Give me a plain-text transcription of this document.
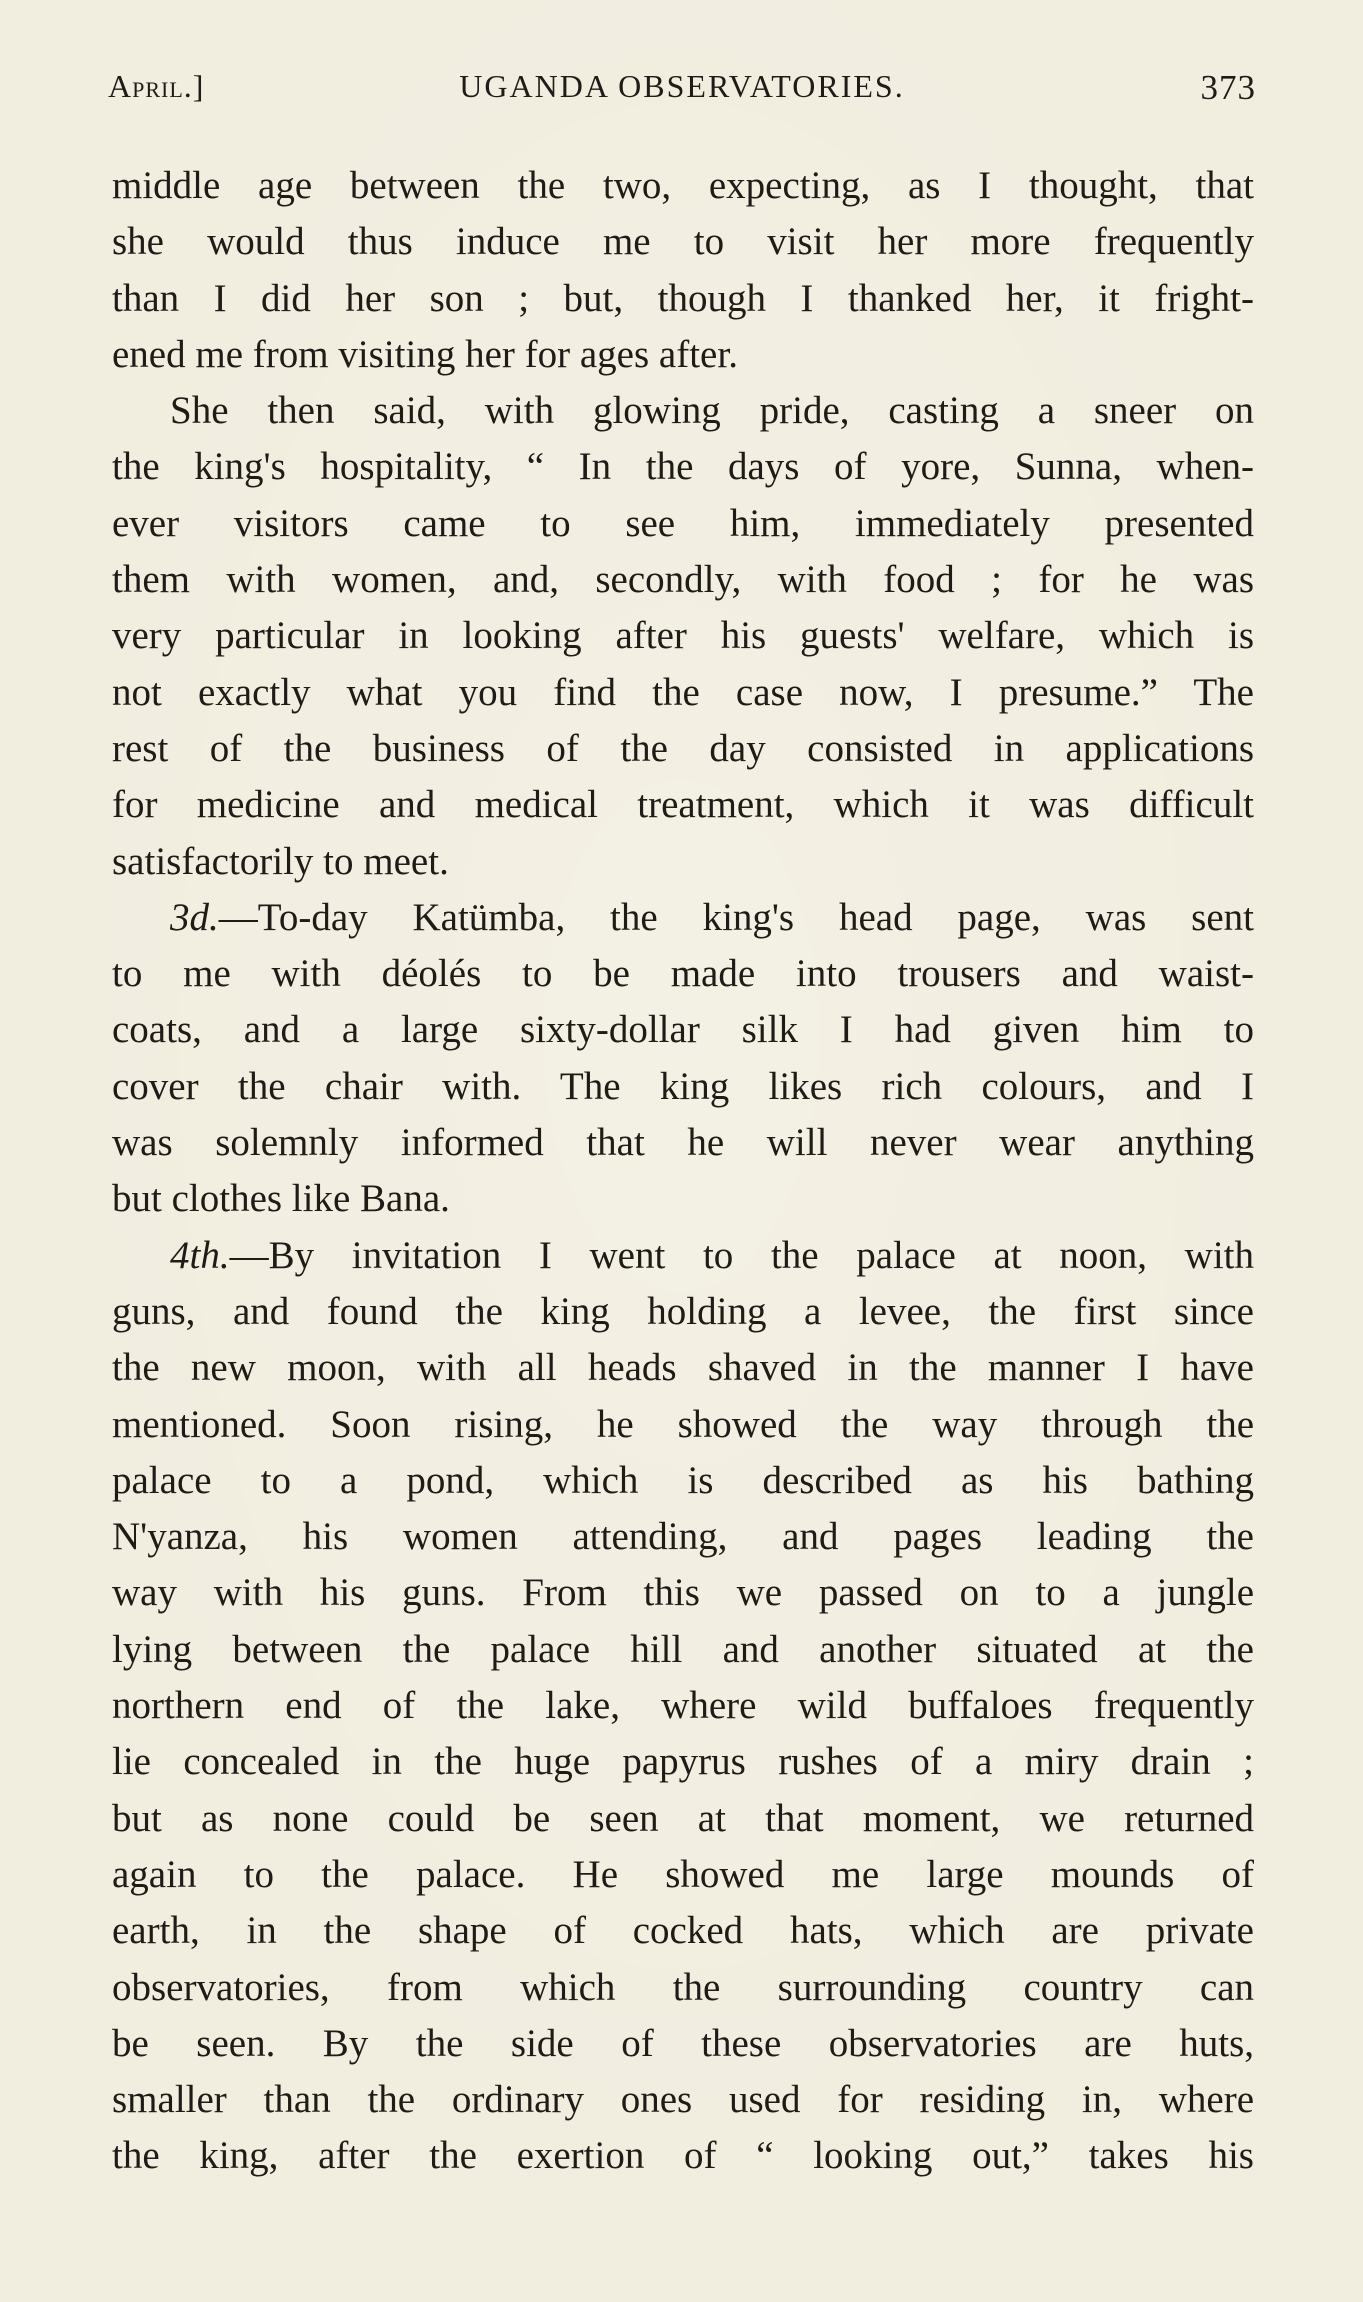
April.]	UGANDA OBSERVATORIES.	373
middle age between the two, expecting, as I thought, that
she would thus induce me to visit her more frequently
than I did her son ; but, though I thanked her, it fright-
ened me from visiting her for ages after.
She then said, with glowing pride, casting a sneer on
the king's hospitality, “ In the days of yore, Sunna, when-
ever visitors came to see him, immediately presented
them with women, and, secondly, with food ; for he was
very particular in looking after his guests' welfare, which is
not exactly what you find the case now, I presume.” The
rest of the business of the day consisted in applications
for medicine and medical treatment, which it was difficult
satisfactorily to meet.
3d.—To-day Katümba, the king's head page, was sent
to me with déolés to be made into trousers and waist-
coats, and a large sixty-dollar silk I had given him to
cover the chair with. The king likes rich colours, and I
was solemnly informed that he will never wear anything
but clothes like Bana.
4th.—By invitation I went to the palace at noon, with
guns, and found the king holding a levee, the first since
the new moon, with all heads shaved in the manner I have
mentioned. Soon rising, he showed the way through the
palace to a pond, which is described as his bathing
N'yanza, his women attending, and pages leading the
way with his guns. From this we passed on to a jungle
lying between the palace hill and another situated at the
northern end of the lake, where wild buffaloes frequently
lie concealed in the huge papyrus rushes of a miry drain ;
but as none could be seen at that moment, we returned
again to the palace. He showed me large mounds of
earth, in the shape of cocked hats, which are private
observatories, from which the surrounding country can
be seen. By the side of these observatories are huts,
smaller than the ordinary ones used for residing in, where
the king, after the exertion of “ looking out,” takes his
